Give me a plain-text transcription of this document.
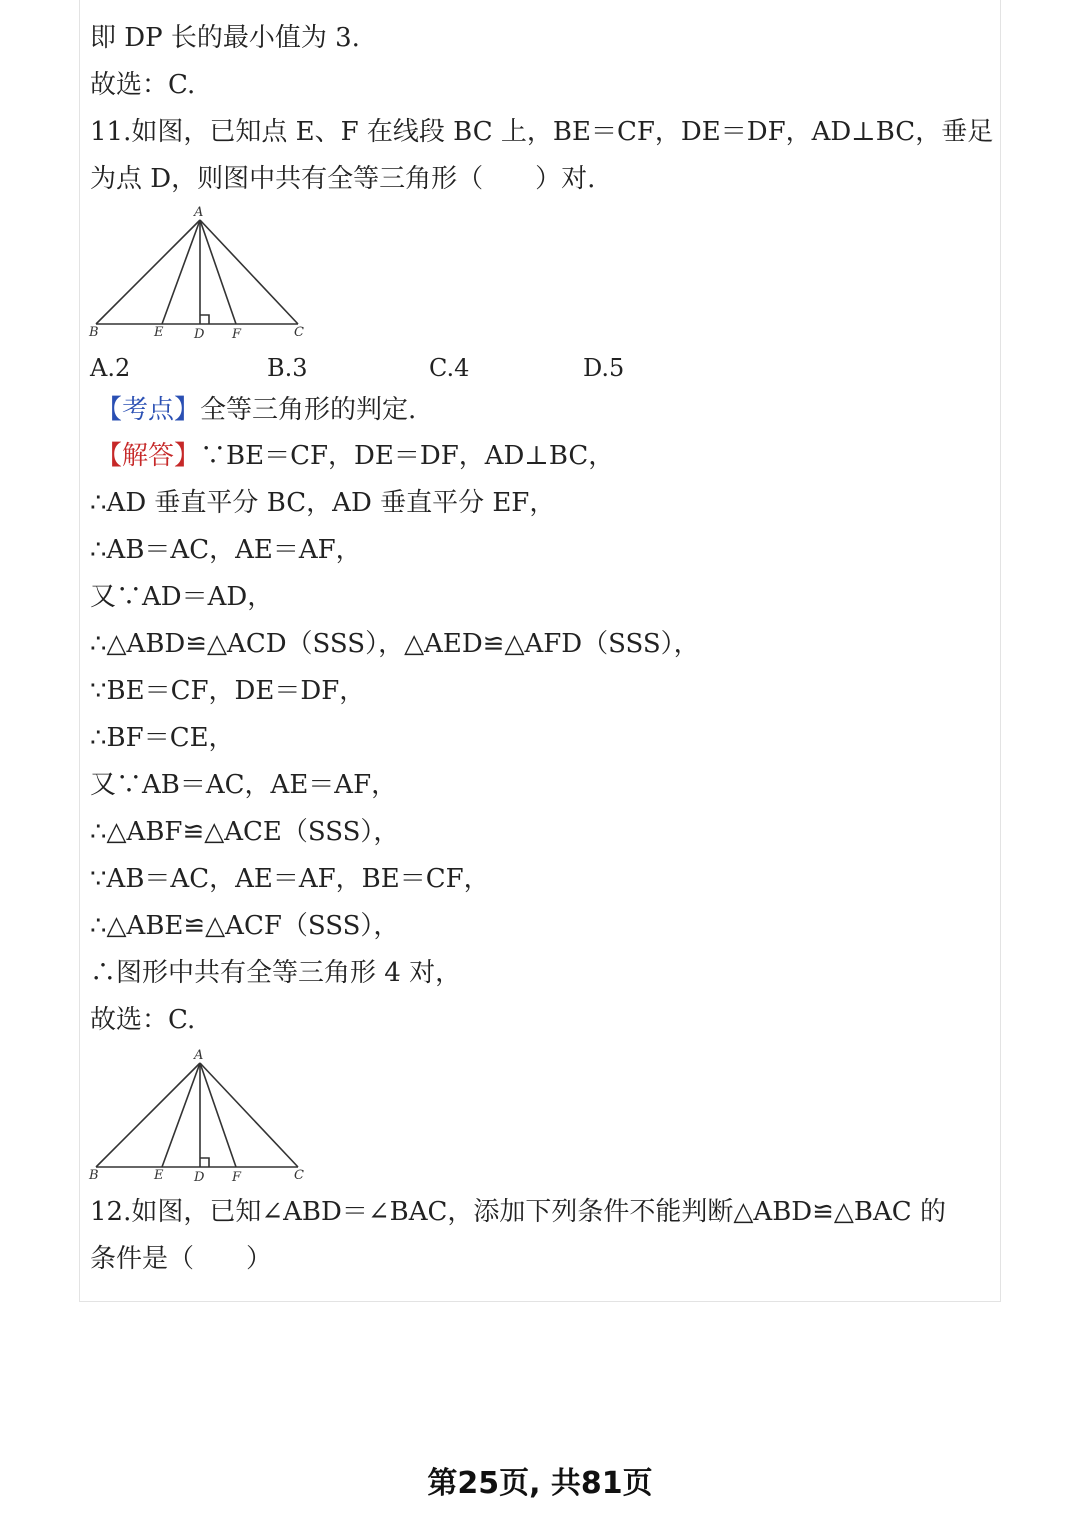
即 DP 长的最小值为 3.
故选：C.
11.如图，已知点 E、F 在线段 BC 上，BE＝CF，DE＝DF，AD⊥BC，垂足
为点 D，则图中共有全等三角形（　　）对.
A
B	E D F	C
A.2	B.3	C.4	D.5
【考点】全等三角形的判定.
【解答】∵BE＝CF，DE＝DF，AD⊥BC，
∴AD 垂直平分 BC，AD 垂直平分 EF，
∴AB＝AC，AE＝AF，
又∵AD＝AD，
∴△ABD≌△ACD（SSS），△AED≌△AFD（SSS），
∵BE＝CF，DE＝DF，
∴BF＝CE，
又∵AB＝AC，AE＝AF，
∴△ABF≌△ACE（SSS），
∵AB＝AC，AE＝AF，BE＝CF，
∴△ABE≌△ACF（SSS），
∴图形中共有全等三角形 4 对，
故选：C.
A
B	E D F	C
12.如图，已知∠ABD＝∠BAC，添加下列条件不能判断△ABD≌△BAC 的
条件是（　　）
第25页, 共81页
